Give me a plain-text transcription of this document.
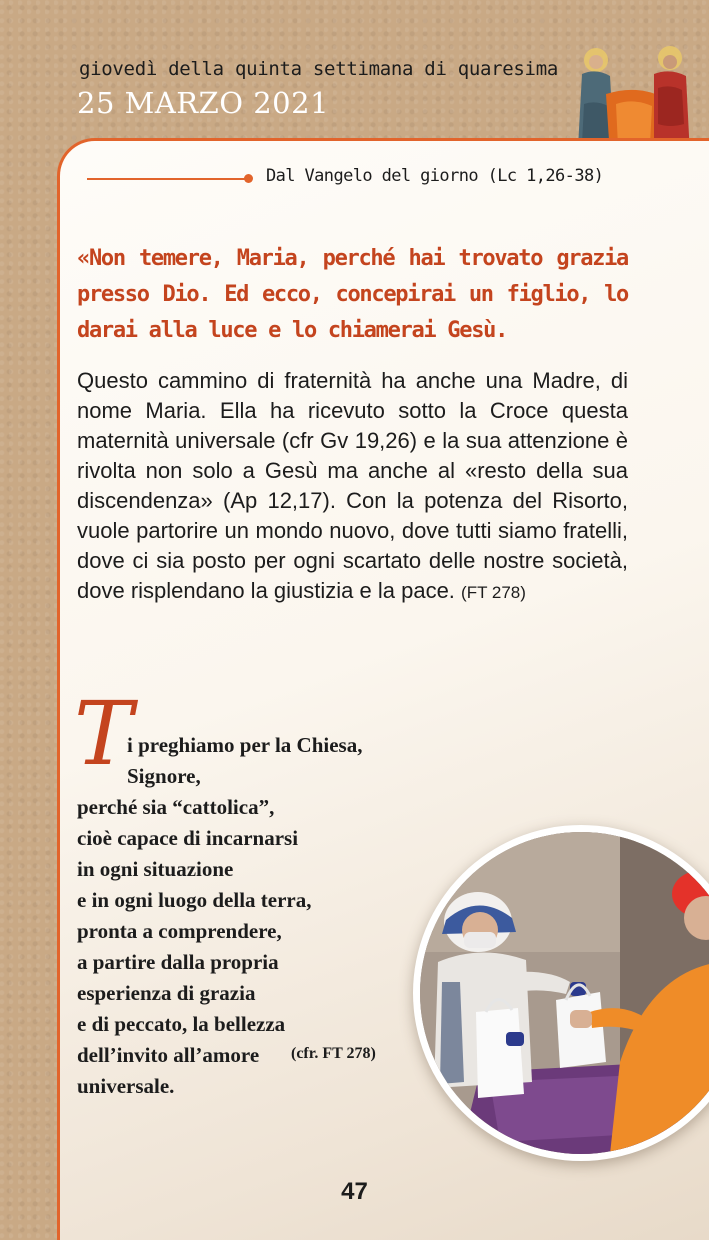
giovedì della quinta settimana di quaresima
25 MARZO 2021
Dal Vangelo del giorno (Lc 1,26-38)
«Non temere, Maria, perché hai trovato grazia presso Dio. Ed ecco, concepirai un figlio, lo darai alla luce e lo chiamerai Gesù.
Questo cammino di fraternità ha anche una Madre, di nome Maria. Ella ha ricevuto sotto la Croce questa maternità universale (cfr Gv 19,26) e la sua attenzione è rivolta non solo a Gesù ma anche al «resto della sua discendenza» (Ap 12,17). Con la potenza del Risorto, vuole partorire un mondo nuovo, dove tutti siamo fratelli, dove ci sia posto per ogni scartato delle nostre società, dove risplendano la giustizia e la pace. (FT 278)
T
i preghiamo per la Chiesa, Signore,
perché sia “cattolica”,
cioè capace di incarnarsi
in ogni situazione
e in ogni luogo della terra,
pronta a comprendere,
a partire dalla propria
esperienza di grazia
e di peccato, la bellezza
dell’invito all’amore
universale.
(cfr. FT 278)
47
